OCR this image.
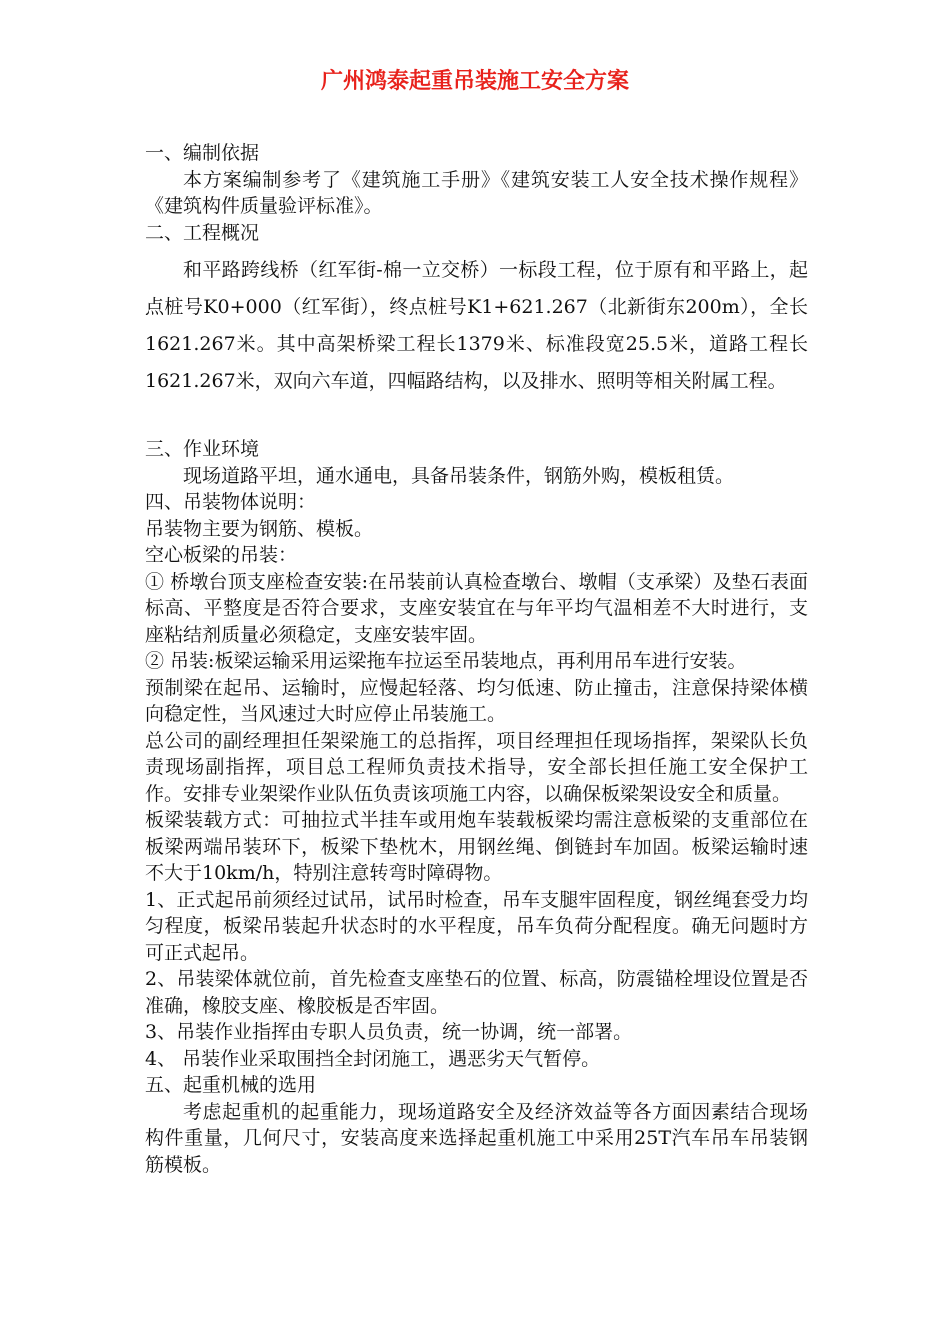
广州鸿泰起重吊装施工安全方案

一、编制依据

本方案编制参考了《建筑施工手册》《建筑安装工人安全技术操作规程》《建筑构件质量验评标准》。

二、工程概况

和平路跨线桥（红军街-棉一立交桥）一标段工程，位于原有和平路上，起点桩号K0+000（红军街），终点桩号K1+621.267（北新街东200m），全长1621.267米。其中高架桥梁工程长1379米、标准段宽25.5米，道路工程长1621.267米，双向六车道，四幅路结构，以及排水、照明等相关附属工程。

三、作业环境

现场道路平坦，通水通电，具备吊装条件，钢筋外购，模板租赁。

四、吊装物体说明：

吊装物主要为钢筋、模板。

空心板梁的吊装：

① 桥墩台顶支座检查安装:在吊装前认真检查墩台、墩帽（支承梁）及垫石表面标高、平整度是否符合要求，支座安装宜在与年平均气温相差不大时进行，支座粘结剂质量必须稳定，支座安装牢固。

② 吊装:板梁运输采用运梁拖车拉运至吊装地点，再利用吊车进行安装。

预制梁在起吊、运输时，应慢起轻落、均匀低速、防止撞击，注意保持梁体横向稳定性，当风速过大时应停止吊装施工。

总公司的副经理担任架梁施工的总指挥，项目经理担任现场指挥，架梁队长负责现场副指挥，项目总工程师负责技术指导，安全部长担任施工安全保护工作。安排专业架梁作业队伍负责该项施工内容，以确保板梁架设安全和质量。

板梁装载方式：可抽拉式半挂车或用炮车装载板梁均需注意板梁的支重部位在板梁两端吊装环下，板梁下垫枕木，用钢丝绳、倒链封车加固。板梁运输时速不大于10km/h，特别注意转弯时障碍物。

1、正式起吊前须经过试吊，试吊时检查，吊车支腿牢固程度，钢丝绳套受力均匀程度，板梁吊装起升状态时的水平程度，吊车负荷分配程度。确无问题时方可正式起吊。

2、吊装梁体就位前，首先检查支座垫石的位置、标高，防震锚栓埋设位置是否准确，橡胶支座、橡胶板是否牢固。

3、吊装作业指挥由专职人员负责，统一协调，统一部署。

4、 吊装作业采取围挡全封闭施工，遇恶劣天气暂停。

五、起重机械的选用

考虑起重机的起重能力，现场道路安全及经济效益等各方面因素结合现场构件重量，几何尺寸，安装高度来选择起重机施工中采用25T汽车吊车吊装钢筋模板。
